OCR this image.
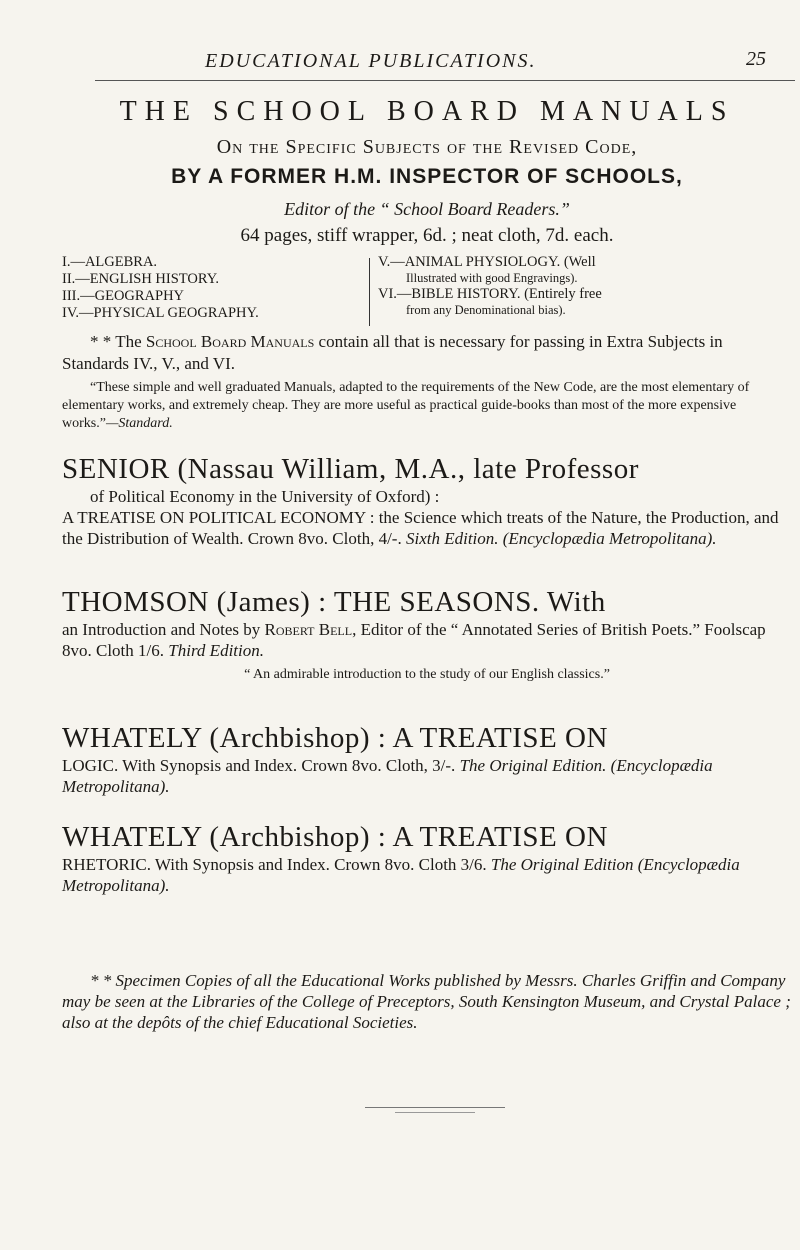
EDUCATIONAL PUBLICATIONS.	25
THE SCHOOL BOARD MANUALS
On the Specific Subjects of the Revised Code,
BY A FORMER H.M. INSPECTOR OF SCHOOLS,
Editor of the “ School Board Readers.”
64 pages, stiff wrapper, 6d. ; neat cloth, 7d. each.
I.—ALGEBRA.
II.—ENGLISH HISTORY.
III.—GEOGRAPHY
IV.—PHYSICAL GEOGRAPHY.
V.—ANIMAL PHYSIOLOGY. (Well
Illustrated with good Engravings).
VI.—BIBLE HISTORY. (Entirely free
from any Denominational bias).
* * The School Board Manuals contain all that is necessary for passing in Extra Subjects in Standards IV., V., and VI.
“These simple and well graduated Manuals, adapted to the requirements of the New Code, are the most elementary of elementary works, and extremely cheap. They are more useful as practical guide-books than most of the more expensive works.”—Standard.
SENIOR (Nassau William, M.A., late Professor
of Political Economy in the University of Oxford) :
A TREATISE ON POLITICAL ECONOMY : the Science which treats of the Nature, the Production, and the Distribution of Wealth. Crown 8vo. Cloth, 4/-. Sixth Edition. (Encyclopædia Metropolitana).
THOMSON (James) : THE SEASONS. With
an Introduction and Notes by Robert Bell, Editor of the “ Annotated Series of British Poets.” Foolscap 8vo. Cloth 1/6. Third Edition.
“ An admirable introduction to the study of our English classics.”
WHATELY (Archbishop) : A TREATISE ON
LOGIC. With Synopsis and Index. Crown 8vo. Cloth, 3/-. The Original Edition. (Encyclopædia Metropolitana).
WHATELY (Archbishop) : A TREATISE ON
RHETORIC. With Synopsis and Index. Crown 8vo. Cloth 3/6. The Original Edition (Encyclopædia Metropolitana).
* * Specimen Copies of all the Educational Works published by Messrs. Charles Griffin and Company may be seen at the Libraries of the College of Preceptors, South Kensington Museum, and Crystal Palace ; also at the depôts of the chief Educational Societies.
